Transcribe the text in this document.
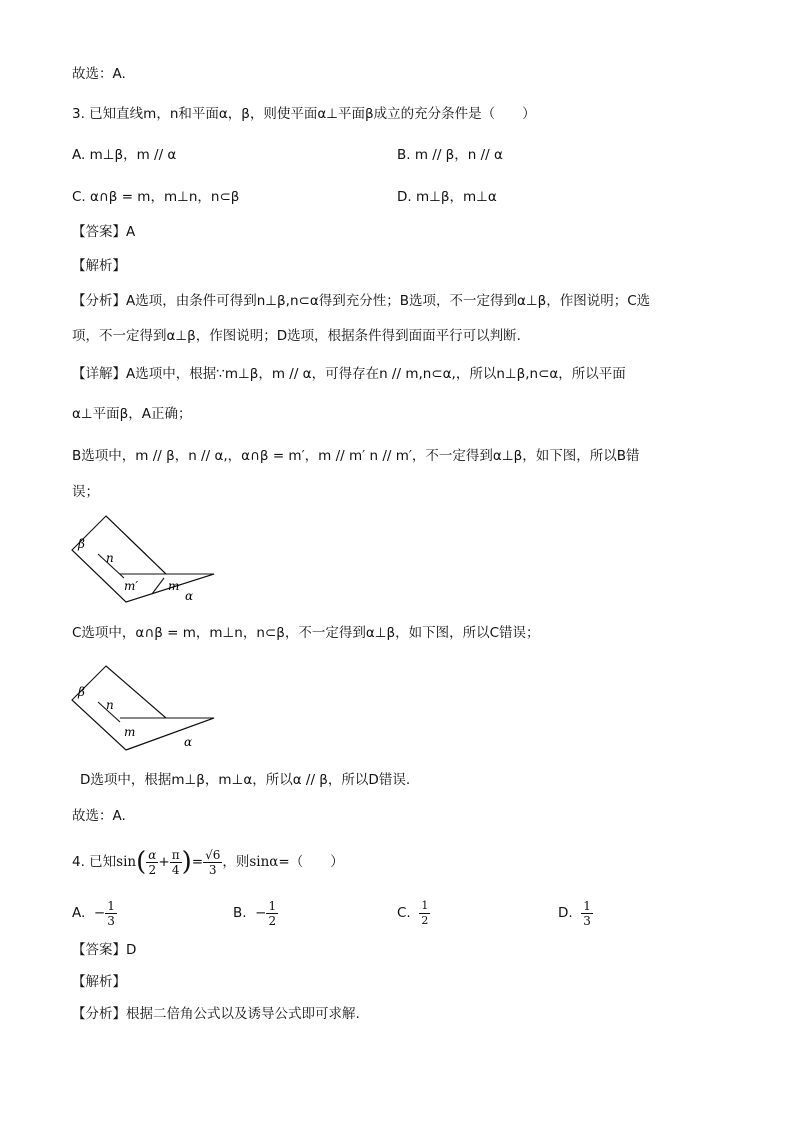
故选：A.
3. 已知直线m，n和平面α，β，则使平面α⊥平面β成立的充分条件是（　　）
A. m⊥β，m // α	B. m // β，n // α
C. α∩β = m，m⊥n，n⊂β	D. m⊥β，m⊥α
【答案】A
【解析】
【分析】A选项，由条件可得到n⊥β,n⊂α得到充分性；B选项，不一定得到α⊥β，作图说明；C选
项，不一定得到α⊥β，作图说明；D选项，根据条件得到面面平行可以判断.
【详解】A选项中，根据∵m⊥β，m // α，可得存在n // m,n⊂α,，所以n⊥β,n⊂α，所以平面
α⊥平面β，A正确；
B选项中，m // β，n // α,，α∩β = m′，m // m′ n // m′，不一定得到α⊥β，如下图，所以B错
误；
β
n
m′ m
α
C选项中，α∩β = m，m⊥n，n⊂β，不一定得到α⊥β，如下图，所以C错误；
β
n
m
α
D选项中，根据m⊥β，m⊥α，所以α // β，所以D错误.
故选：A.
4. 已知$\sin( \frac{\alpha}{2} + \frac{\pi}{4}$ )= $\frac{√6}{3}$ ，则sinα=（　　）
A. − $\frac{1}{3}$	B. − $\frac{1}{2}$	C. $\frac{1}{2}$	D. $\frac{1}{3}$
【答案】D
【解析】
【分析】根据二倍角公式以及诱导公式即可求解.
